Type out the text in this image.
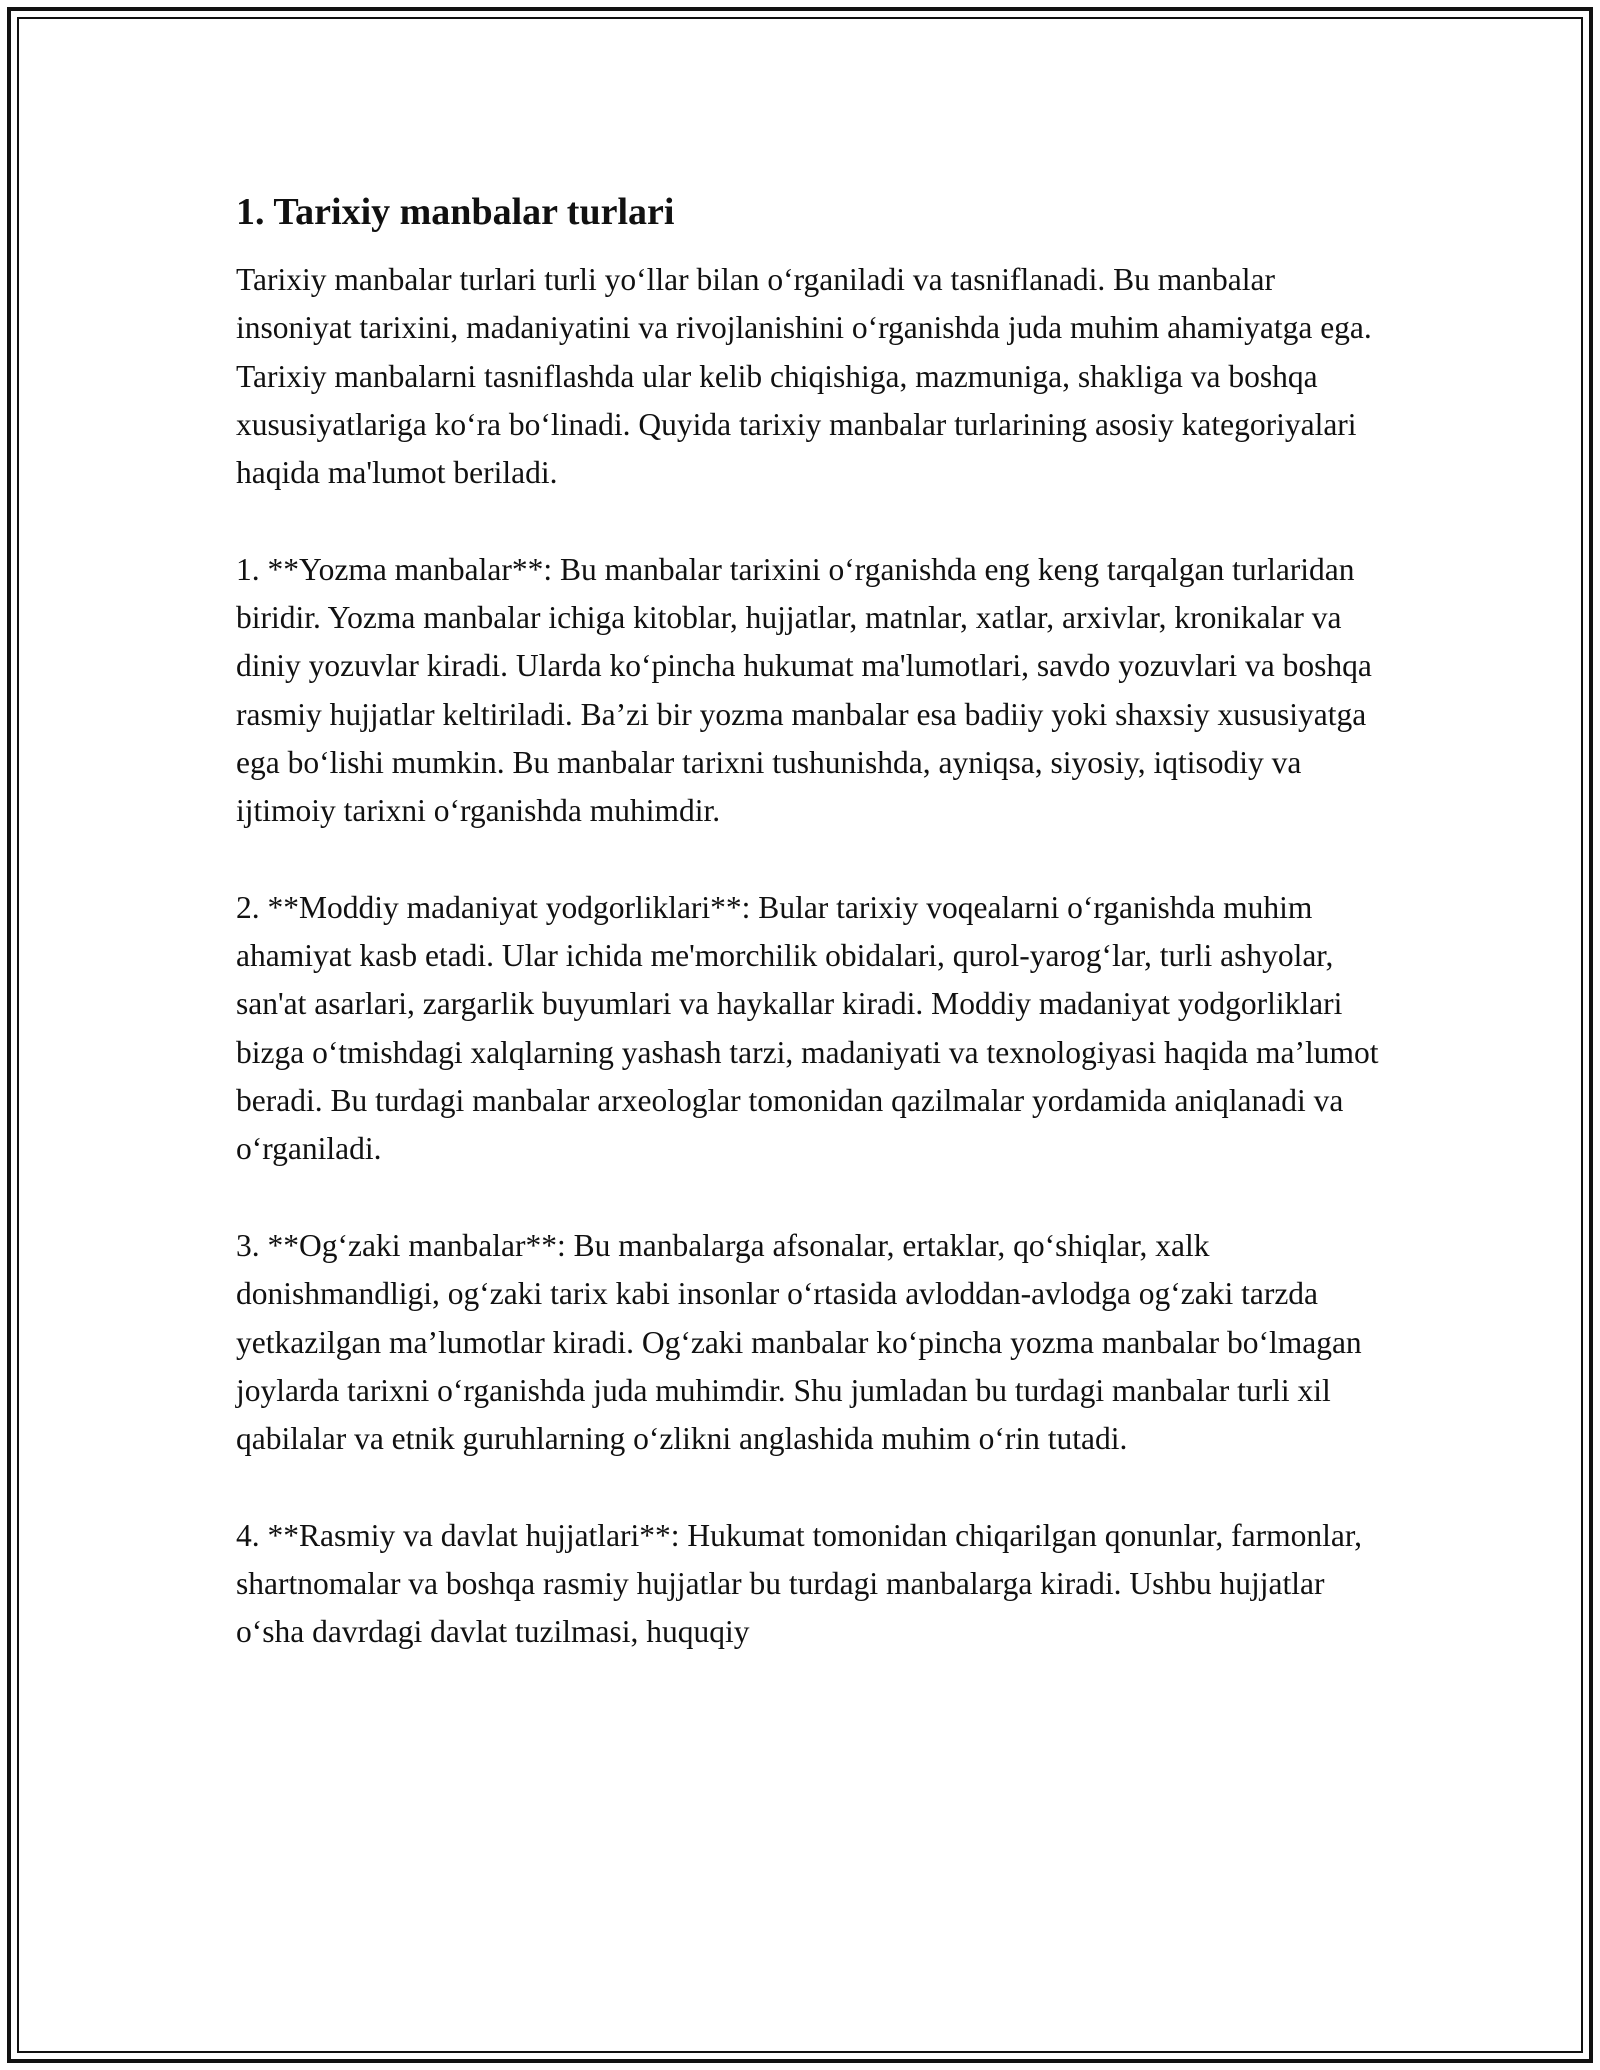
1. Tarixiy manbalar turlari

Tarixiy manbalar turlari turli yo‘llar bilan o‘rganiladi va tasniflanadi. Bu manbalar insoniyat tarixini, madaniyatini va rivojlanishini o‘rganishda juda muhim ahamiyatga ega. Tarixiy manbalarni tasniflashda ular kelib chiqishiga, mazmuniga, shakliga va boshqa xususiyatlariga ko‘ra bo‘linadi. Quyida tarixiy manbalar turlarining asosiy kategoriyalari haqida ma'lumot beriladi.

1. **Yozma manbalar**: Bu manbalar tarixini o‘rganishda eng keng tarqalgan turlaridan biridir. Yozma manbalar ichiga kitoblar, hujjatlar, matnlar, xatlar, arxivlar, kronikalar va diniy yozuvlar kiradi. Ularda ko‘pincha hukumat ma'lumotlari, savdo yozuvlari va boshqa rasmiy hujjatlar keltiriladi. Ba’zi bir yozma manbalar esa badiiy yoki shaxsiy xususiyatga ega bo‘lishi mumkin. Bu manbalar tarixni tushunishda, ayniqsa, siyosiy, iqtisodiy va ijtimoiy tarixni o‘rganishda muhimdir.

2. **Moddiy madaniyat yodgorliklari**: Bular tarixiy voqealarni o‘rganishda muhim ahamiyat kasb etadi. Ular ichida me'morchilik obidalari, qurol-yarog‘lar, turli ashyolar, san'at asarlari, zargarlik buyumlari va haykallar kiradi. Moddiy madaniyat yodgorliklari bizga o‘tmishdagi xalqlarning yashash tarzi, madaniyati va texnologiyasi haqida ma’lumot beradi. Bu turdagi manbalar arxeologlar tomonidan qazilmalar yordamida aniqlanadi va o‘rganiladi.

3. **Og‘zaki manbalar**: Bu manbalarga afsonalar, ertaklar, qo‘shiqlar, xalk donishmandligi, og‘zaki tarix kabi insonlar o‘rtasida avloddan-avlodga og‘zaki tarzda yetkazilgan ma’lumotlar kiradi. Og‘zaki manbalar ko‘pincha yozma manbalar bo‘lmagan joylarda tarixni o‘rganishda juda muhimdir. Shu jumladan bu turdagi manbalar turli xil qabilalar va etnik guruhlarning o‘zlikni anglashida muhim o‘rin tutadi.

4. **Rasmiy va davlat hujjatlari**: Hukumat tomonidan chiqarilgan qonunlar, farmonlar, shartnomalar va boshqa rasmiy hujjatlar bu turdagi manbalarga kiradi. Ushbu hujjatlar o‘sha davrdagi davlat tuzilmasi, huquqiy
